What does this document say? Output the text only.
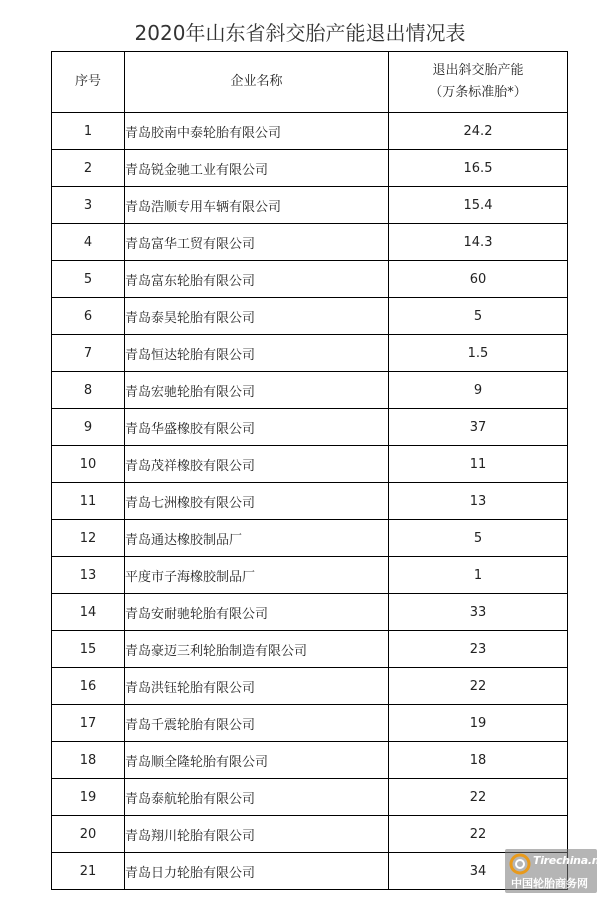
2020年山东省斜交胎产能退出情况表
序号	企业名称	退出斜交胎产能
（万条标准胎*）

1	青岛胶南中泰轮胎有限公司	24.2
2	青岛锐金驰工业有限公司	16.5
3	青岛浩顺专用车辆有限公司	15.4
4	青岛富华工贸有限公司	14.3
5	青岛富东轮胎有限公司	60
6	青岛泰昊轮胎有限公司	5
7	青岛恒达轮胎有限公司	1.5
8	青岛宏驰轮胎有限公司	9
9	青岛华盛橡胶有限公司	37
10	青岛茂祥橡胶有限公司	11
11	青岛七洲橡胶有限公司	13
12	青岛通达橡胶制品厂	5
13	平度市子海橡胶制品厂	1
14	青岛安耐驰轮胎有限公司	33
15	青岛豪迈三利轮胎制造有限公司	23
16	青岛洪钰轮胎有限公司	22
17	青岛千震轮胎有限公司	19
18	青岛顺全隆轮胎有限公司	18
19	青岛泰航轮胎有限公司	22
20	青岛翔川轮胎有限公司	22
21	青岛日力轮胎有限公司	34
Tirechina.net
中国轮胎商务网
